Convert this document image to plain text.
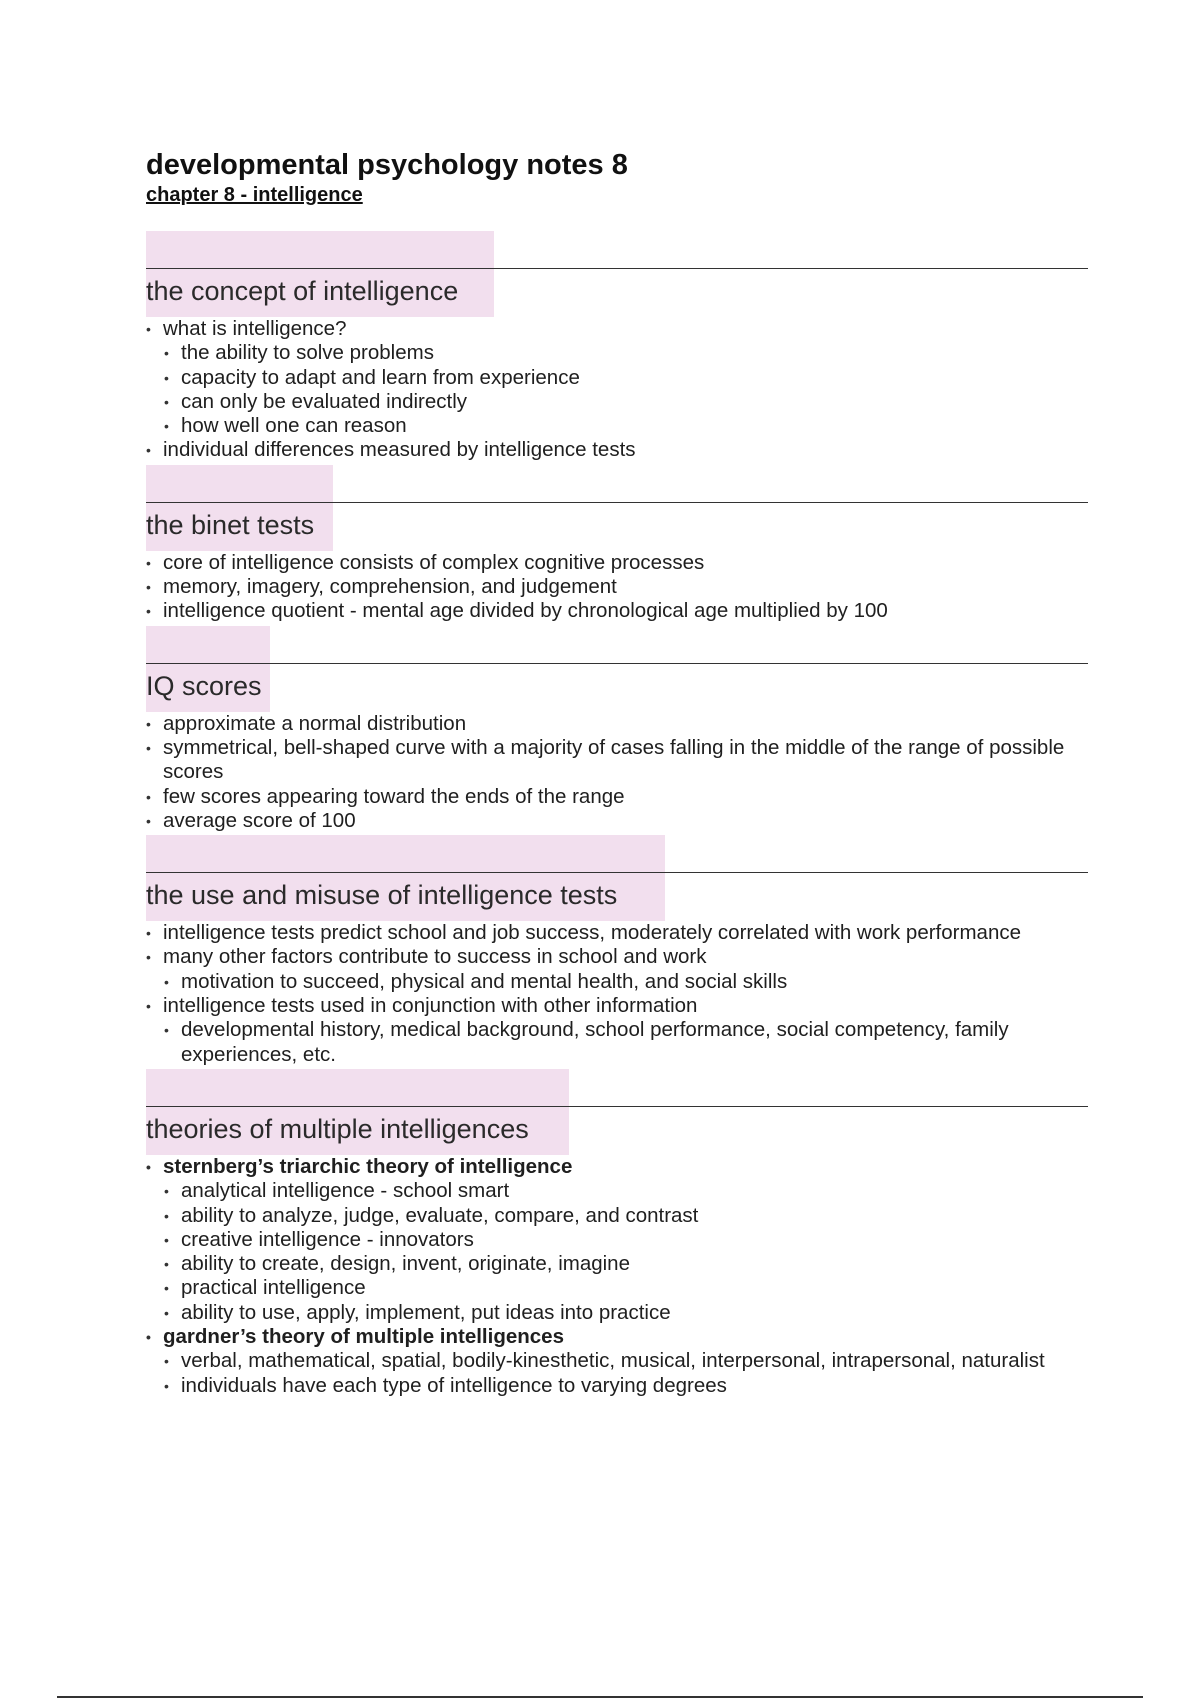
developmental psychology notes 8
chapter 8 - intelligence
the concept of intelligence
• what is intelligence?
• the ability to solve problems
• capacity to adapt and learn from experience
• can only be evaluated indirectly
• how well one can reason
• individual differences measured by intelligence tests
the binet tests
• core of intelligence consists of complex cognitive processes
• memory, imagery, comprehension, and judgement
• intelligence quotient - mental age divided by chronological age multiplied by 100
IQ scores
• approximate a normal distribution
• symmetrical, bell-shaped curve with a majority of cases falling in the middle of the range of possible scores
• few scores appearing toward the ends of the range
• average score of 100
the use and misuse of intelligence tests
• intelligence tests predict school and job success, moderately correlated with work performance
• many other factors contribute to success in school and work
• motivation to succeed, physical and mental health, and social skills
• intelligence tests used in conjunction with other information
• developmental history, medical background, school performance, social competency, family experiences, etc.
theories of multiple intelligences
• sternberg’s triarchic theory of intelligence
• analytical intelligence - school smart
• ability to analyze, judge, evaluate, compare, and contrast
• creative intelligence - innovators
• ability to create, design, invent, originate, imagine
• practical intelligence
• ability to use, apply, implement, put ideas into practice
• gardner’s theory of multiple intelligences
• verbal, mathematical, spatial, bodily-kinesthetic, musical, interpersonal, intrapersonal, naturalist
• individuals have each type of intelligence to varying degrees
